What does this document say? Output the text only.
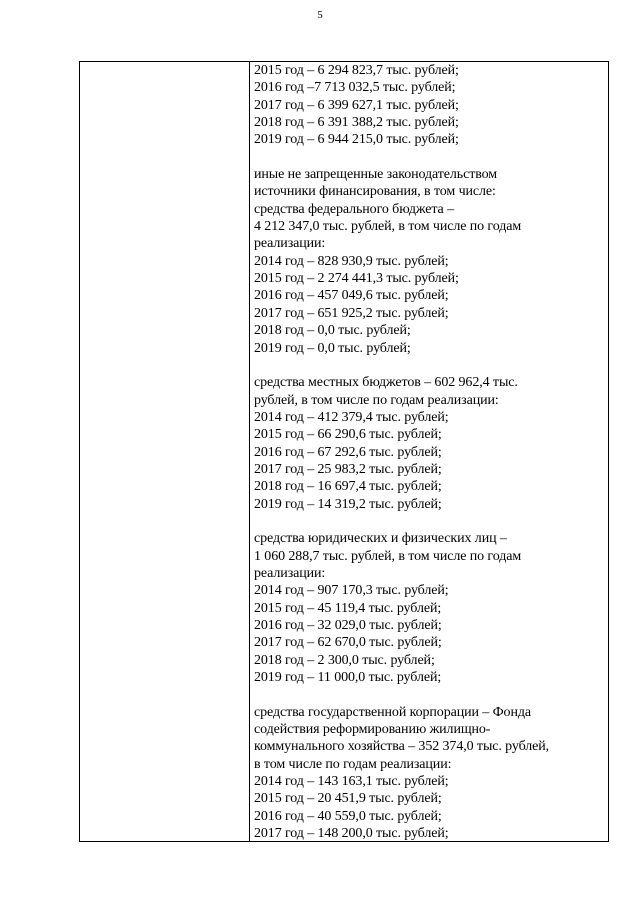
5
2015 год – 6 294 823,7 тыс. рублей;
2016 год –7 713 032,5 тыс. рублей;
2017 год – 6 399 627,1 тыс. рублей;
2018 год – 6 391 388,2 тыс. рублей;
2019 год – 6 944 215,0 тыс. рублей;
иные не запрещенные законодательством
источники финансирования, в том числе:
средства федерального бюджета –
4 212 347,0 тыс. рублей, в том числе по годам
реализации:
2014 год – 828 930,9 тыс. рублей;
2015 год – 2 274 441,3 тыс. рублей;
2016 год – 457 049,6 тыс. рублей;
2017 год – 651 925,2 тыс. рублей;
2018 год – 0,0 тыс. рублей;
2019 год – 0,0 тыс. рублей;
средства местных бюджетов – 602 962,4 тыс.
рублей, в том числе по годам реализации:
2014 год – 412 379,4 тыс. рублей;
2015 год – 66 290,6 тыс. рублей;
2016 год – 67 292,6 тыс. рублей;
2017 год – 25 983,2 тыс. рублей;
2018 год – 16 697,4 тыс. рублей;
2019 год – 14 319,2 тыс. рублей;
средства юридических и физических лиц –
1 060 288,7 тыс. рублей, в том числе по годам
реализации:
2014 год – 907 170,3 тыс. рублей;
2015 год – 45 119,4 тыс. рублей;
2016 год – 32 029,0 тыс. рублей;
2017 год – 62 670,0 тыс. рублей;
2018 год – 2 300,0 тыс. рублей;
2019 год – 11 000,0 тыс. рублей;
средства государственной корпорации – Фонда
содействия реформированию жилищно-
коммунального хозяйства – 352 374,0 тыс. рублей,
в том числе по годам реализации:
2014 год – 143 163,1 тыс. рублей;
2015 год – 20 451,9 тыс. рублей;
2016 год – 40 559,0 тыс. рублей;
2017 год – 148 200,0 тыс. рублей;
